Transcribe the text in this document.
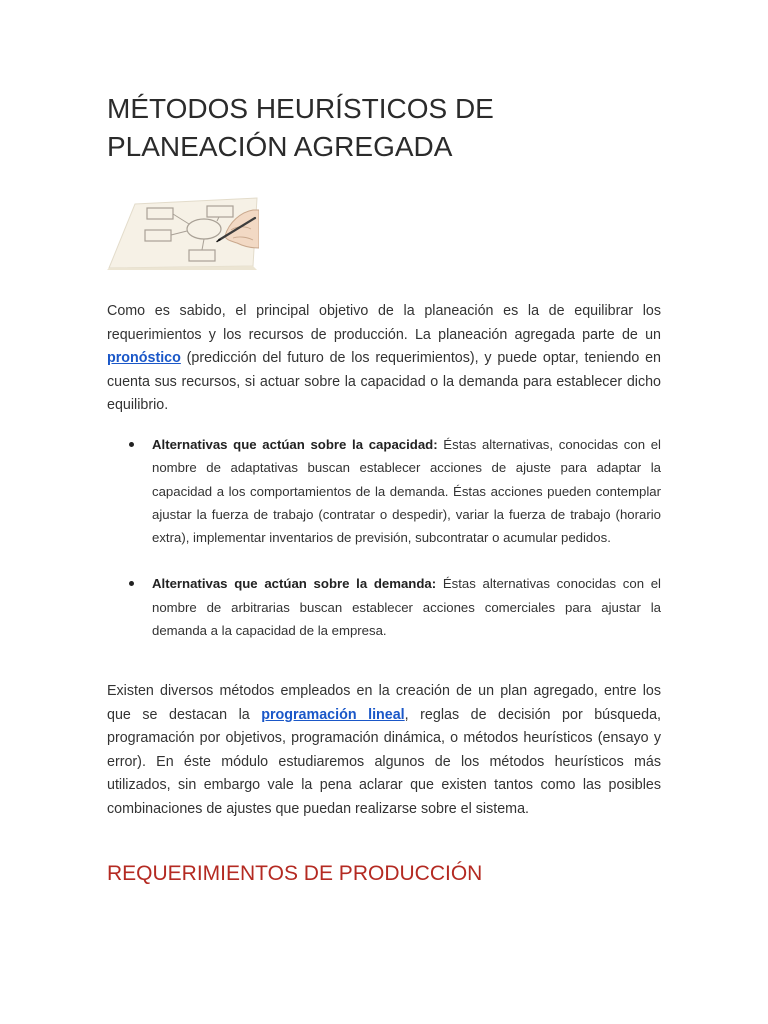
MÉTODOS HEURÍSTICOS DE PLANEACIÓN AGREGADA

Como es sabido, el principal objetivo de la planeación es la de equilibrar los requerimientos y los recursos de producción. La planeación agregada parte de un pronóstico (predicción del futuro de los requerimientos), y puede optar, teniendo en cuenta sus recursos, si actuar sobre la capacidad o la demanda para establecer dicho equilibrio.

Alternativas que actúan sobre la capacidad: Éstas alternativas, conocidas con el nombre de adaptativas buscan establecer acciones de ajuste para adaptar la capacidad a los comportamientos de la demanda. Éstas acciones pueden contemplar ajustar la fuerza de trabajo (contratar o despedir), variar la fuerza de trabajo (horario extra), implementar inventarios de previsión, subcontratar o acumular pedidos.
Alternativas que actúan sobre la demanda: Éstas alternativas conocidas con el nombre de arbitrarias buscan establecer acciones comerciales para ajustar la demanda a la capacidad de la empresa.

Existen diversos métodos empleados en la creación de un plan agregado, entre los que se destacan la programación lineal, reglas de decisión por búsqueda, programación por objetivos, programación dinámica, o métodos heurísticos (ensayo y error). En éste módulo estudiaremos algunos de los métodos heurísticos más utilizados, sin embargo vale la pena aclarar que existen tantos como las posibles combinaciones de ajustes que puedan realizarse sobre el sistema.

REQUERIMIENTOS DE PRODUCCIÓN
